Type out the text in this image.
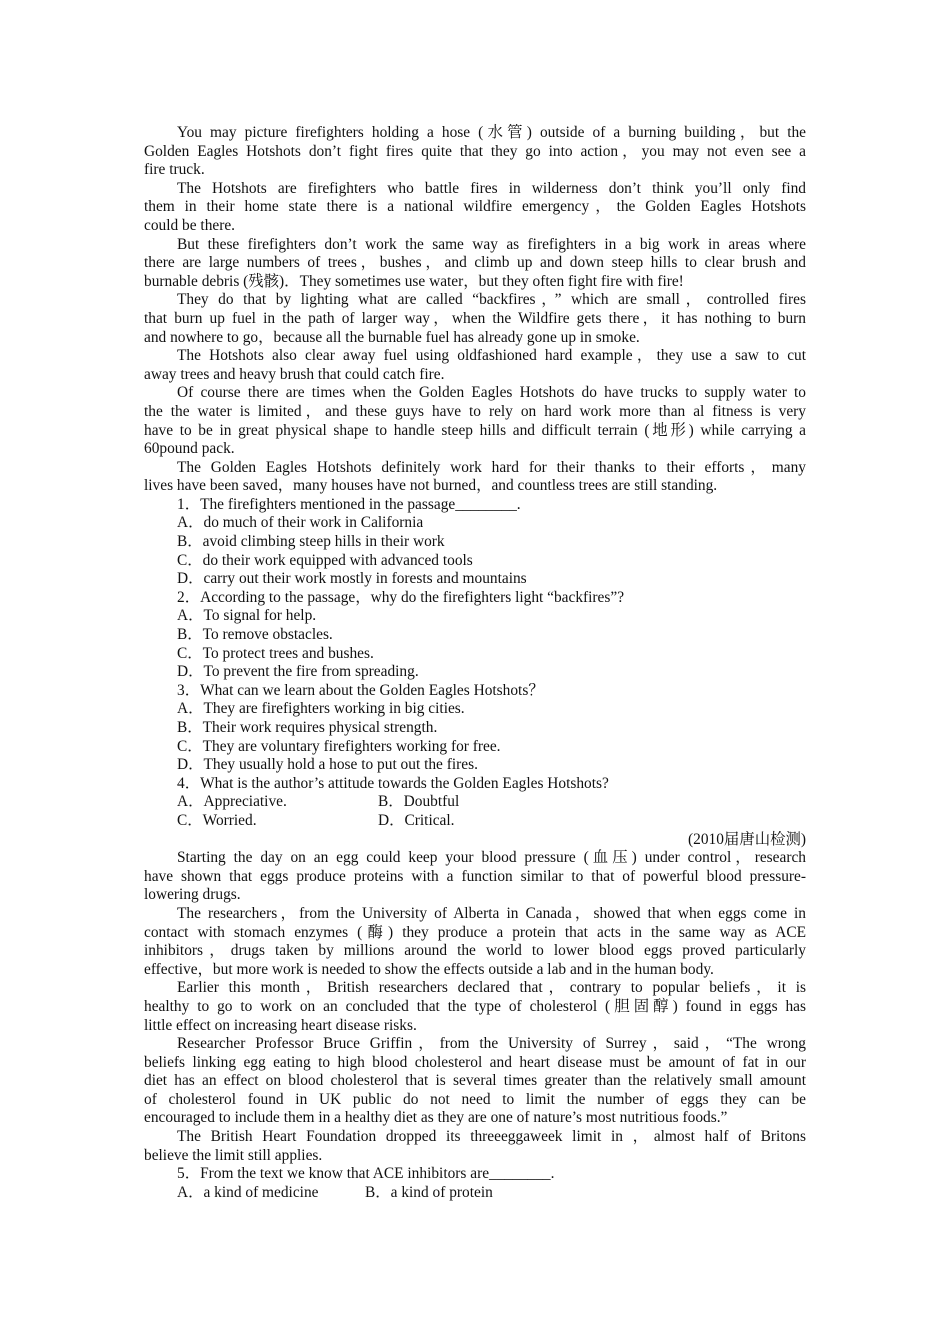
You may picture firefighters holding a hose (水管) outside of a burning building，but the
Golden Eagles Hotshots don’t fight fires quite that they go into action，you may not even see a
fire truck.
The Hotshots are firefighters who battle fires in wilderness don’t think you’ll only find
them in their home state there is a national wildfire emergency，the Golden Eagles Hotshots
could be there.
But these firefighters don’t work the same way as firefighters in a big work in areas where
there are large numbers of trees，bushes，and climb up and down steep hills to clear brush and
burnable debris (残骸)．They sometimes use water，but they often fight fire with fire!
They do that by lighting what are called “backfires，” which are small，controlled fires
that burn up fuel in the path of larger way，when the Wildfire gets there，it has nothing to burn
and nowhere to go，because all the burnable fuel has already gone up in smoke.
The Hotshots also clear away fuel using oldfashioned hard example，they use a saw to cut
away trees and heavy brush that could catch fire.
Of course there are times when the Golden Eagles Hotshots do have trucks to supply water to
the the water is limited，and these guys have to rely on hard work more than al fitness is very
have to be in great physical shape to handle steep hills and difficult terrain (地形) while carrying a
60pound pack.
The Golden Eagles Hotshots definitely work hard for their thanks to their efforts，many
lives have been saved，many houses have not burned，and countless trees are still standing.
1．The firefighters mentioned in the passage________.
A．do much of their work in California
B．avoid climbing steep hills in their work
C．do their work equipped with advanced tools
D．carry out their work mostly in forests and mountains
2．According to the passage，why do the firefighters light “backfires”?
A．To signal for help.
B．To remove obstacles.
C．To protect trees and bushes.
D．To prevent the fire from spreading.
3．What can we learn about the Golden Eagles Hotshots？
A．They are firefighters working in big cities.
B．Their work requires physical strength.
C．They are voluntary firefighters working for free.
D．They usually hold a hose to put out the fires.
4．What is the author’s attitude towards the Golden Eagles Hotshots?
A．Appreciative.	B．Doubtful
C．Worried.	D．Critical.
(2010届唐山检测)
Starting the day on an egg could keep your blood pressure (血压) under control，research
have shown that eggs produce proteins with a function similar to that of powerful blood pressure-
lowering drugs.
The researchers，from the University of Alberta in Canada，showed that when eggs come in
contact with stomach enzymes (酶) they produce a protein that acts in the same way as ACE
inhibitors，drugs taken by millions around the world to lower blood eggs proved particularly
effective，but more work is needed to show the effects outside a lab and in the human body.
Earlier this month，British researchers declared that，contrary to popular beliefs，it is
healthy to go to work on an concluded that the type of cholesterol (胆固醇) found in eggs has
little effect on increasing heart disease risks.
Researcher Professor Bruce Griffin，from the University of Surrey，said，“The wrong
beliefs linking egg eating to high blood cholesterol and heart disease must be amount of fat in our
diet has an effect on blood cholesterol that is several times greater than the relatively small amount
of cholesterol found in UK public do not need to limit the number of eggs they can be
encouraged to include them in a healthy diet as they are one of nature’s most nutritious foods.”
The British Heart Foundation dropped its threeeggaweek limit in ，almost half of Britons
believe the limit still applies.
5．From the text we know that ACE inhibitors are________.
A．a kind of medicine	B．a kind of protein
